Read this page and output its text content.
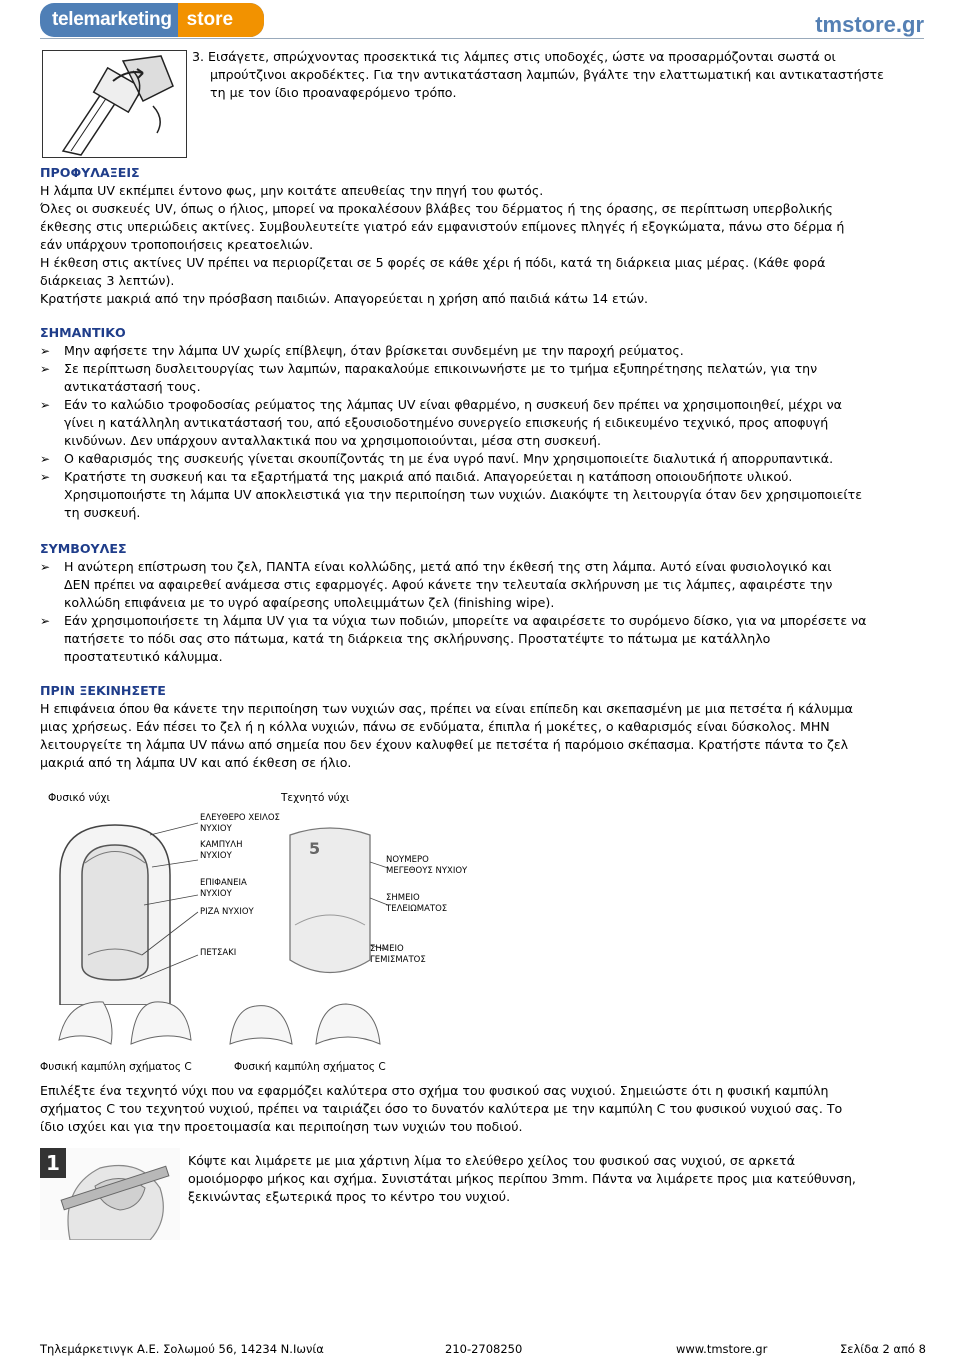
telemarketing store	tmstore.gr
3. Εισάγετε, σπρώχνοντας προσεκτικά τις λάμπες στις υποδοχές, ώστε να προσαρμόζονται σωστά οι
μπρούτζινοι ακροδέκτες. Για την αντικατάσταση λαμπών, βγάλτε την ελαττωματική και αντικαταστήστε
τη με τον ίδιο προαναφερόμενο τρόπο.
ΠΡΟΦΥΛΑΞΕΙΣ
Η λάμπα UV εκπέμπει έντονο φως, μην κοιτάτε απευθείας την πηγή του φωτός.
Όλες οι συσκευές UV, όπως ο ήλιος, μπορεί να προκαλέσουν βλάβες του δέρματος ή της όρασης, σε περίπτωση υπερβολικής
έκθεσης στις υπεριώδεις ακτίνες. Συμβουλευτείτε γιατρό εάν εμφανιστούν επίμονες πληγές ή εξογκώματα, πάνω στο δέρμα ή
εάν υπάρχουν τροποποιήσεις κρεατοελιών.
Η έκθεση στις ακτίνες UV πρέπει να περιορίζεται σε 5 φορές σε κάθε χέρι ή πόδι, κατά τη διάρκεια μιας μέρας. (Κάθε φορά
διάρκειας 3 λεπτών).
Κρατήστε μακριά από την πρόσβαση παιδιών. Απαγορεύεται η χρήση από παιδιά κάτω 14 ετών.
ΣΗΜΑΝΤΙΚΟ
➢ Μην αφήσετε την λάμπα UV χωρίς επίβλεψη, όταν βρίσκεται συνδεμένη με την παροχή ρεύματος.
➢ Σε περίπτωση δυσλειτουργίας των λαμπών, παρακαλούμε επικοινωνήστε με το τμήμα εξυπηρέτησης πελατών, για την
αντικατάστασή τους.
➢ Εάν το καλώδιο τροφοδοσίας ρεύματος της λάμπας UV είναι φθαρμένο, η συσκευή δεν πρέπει να χρησιμοποιηθεί, μέχρι να
γίνει η κατάλληλη αντικατάστασή του, από εξουσιοδοτημένο συνεργείο επισκευής ή ειδικευμένο τεχνικό, προς αποφυγή
κινδύνων. Δεν υπάρχουν ανταλλακτικά που να χρησιμοποιούνται, μέσα στη συσκευή.
➢ Ο καθαρισμός της συσκευής γίνεται σκουπίζοντάς τη με ένα υγρό πανί. Μην χρησιμοποιείτε διαλυτικά ή απορρυπαντικά.
➢ Κρατήστε τη συσκευή και τα εξαρτήματά της μακριά από παιδιά. Απαγορεύεται η κατάποση οποιουδήποτε υλικού.
Χρησιμοποιήστε τη λάμπα UV αποκλειστικά για την περιποίηση των νυχιών. Διακόψτε τη λειτουργία όταν δεν χρησιμοποιείτε
τη συσκευή.
ΣΥΜΒΟΥΛΕΣ
➢ Η ανώτερη επίστρωση του ζελ, ΠΑΝΤΑ είναι κολλώδης, μετά από την έκθεσή της στη λάμπα. Αυτό είναι φυσιολογικό και
ΔΕΝ πρέπει να αφαιρεθεί ανάμεσα στις εφαρμογές. Αφού κάνετε την τελευταία σκλήρυνση με τις λάμπες, αφαιρέστε την
κολλώδη επιφάνεια με το υγρό αφαίρεσης υπολειμμάτων ζελ (finishing wipe).
➢ Εάν χρησιμοποιήσετε τη λάμπα UV για τα νύχια των ποδιών, μπορείτε να αφαιρέσετε το συρόμενο δίσκο, για να μπορέσετε να
πατήσετε το πόδι σας στο πάτωμα, κατά τη διάρκεια της σκλήρυνσης. Προστατέψτε το πάτωμα με κατάλληλο
προστατευτικό κάλυμμα.
ΠΡΙΝ ΞΕΚΙΝΗΣΕΤΕ
Η επιφάνεια όπου θα κάνετε την περιποίηση των νυχιών σας, πρέπει να είναι επίπεδη και σκεπασμένη με μια πετσέτα ή κάλυμμα
μιας χρήσεως. Εάν πέσει το ζελ ή η κόλλα νυχιών, πάνω σε ενδύματα, έπιπλα ή μοκέτες, ο καθαρισμός είναι δύσκολος. ΜΗΝ
λειτουργείτε τη λάμπα UV πάνω από σημεία που δεν έχουν καλυφθεί με πετσέτα ή παρόμοιο σκέπασμα. Κρατήστε πάντα το ζελ
μακριά από τη λάμπα UV και από έκθεση σε ήλιο.
Φυσικό νύχι	Τεχνητό νύχι
ΕΛΕΥΘΕΡΟ ΧΕΙΛΟΣ
ΝΥΧΙΟΥ
ΚΑΜΠΥΛΗ
ΝΥΧΙΟΥ
ΕΠΙΦΑΝΕΙΑ
ΝΥΧΙΟΥ
ΡΙΖΑ ΝΥΧΙΟΥ
ΠΕΤΣΑΚΙ
5
ΝΟΥΜΕΡΟ
ΜΕΓΕΘΟΥΣ ΝΥΧΙΟΥ
ΣΗΜΕΙΟ
ΤΕΛΕΙΩΜΑΤΟΣ
ΣΗΜΕΙΟ
ΓΕΜΙΣΜΑΤΟΣ
Φυσική καμπύλη σχήματος C	Φυσική καμπύλη σχήματος C
Επιλέξτε ένα τεχνητό νύχι που να εφαρμόζει καλύτερα στο σχήμα του φυσικού σας νυχιού. Σημειώστε ότι η φυσική καμπύλη
σχήματος C του τεχνητού νυχιού, πρέπει να ταιριάζει όσο το δυνατόν καλύτερα με την καμπύλη C του φυσικού νυχιού σας. Το
ίδιο ισχύει και για την προετοιμασία και περιποίηση των νυχιών του ποδιού.
1	Κόψτε και λιμάρετε με μια χάρτινη λίμα το ελεύθερο χείλος του φυσικού σας νυχιού, σε αρκετά
ομοιόμορφο μήκος και σχήμα. Συνιστάται μήκος περίπου 3mm. Πάντα να λιμάρετε προς μια κατεύθυνση,
ξεκινώντας εξωτερικά προς το κέντρο του νυχιού.
Τηλεμάρκετινγκ Α.Ε. Σολωμού 56, 14234 Ν.Ιωνία	210-2708250	www.tmstore.gr	Σελίδα 2 από 8
